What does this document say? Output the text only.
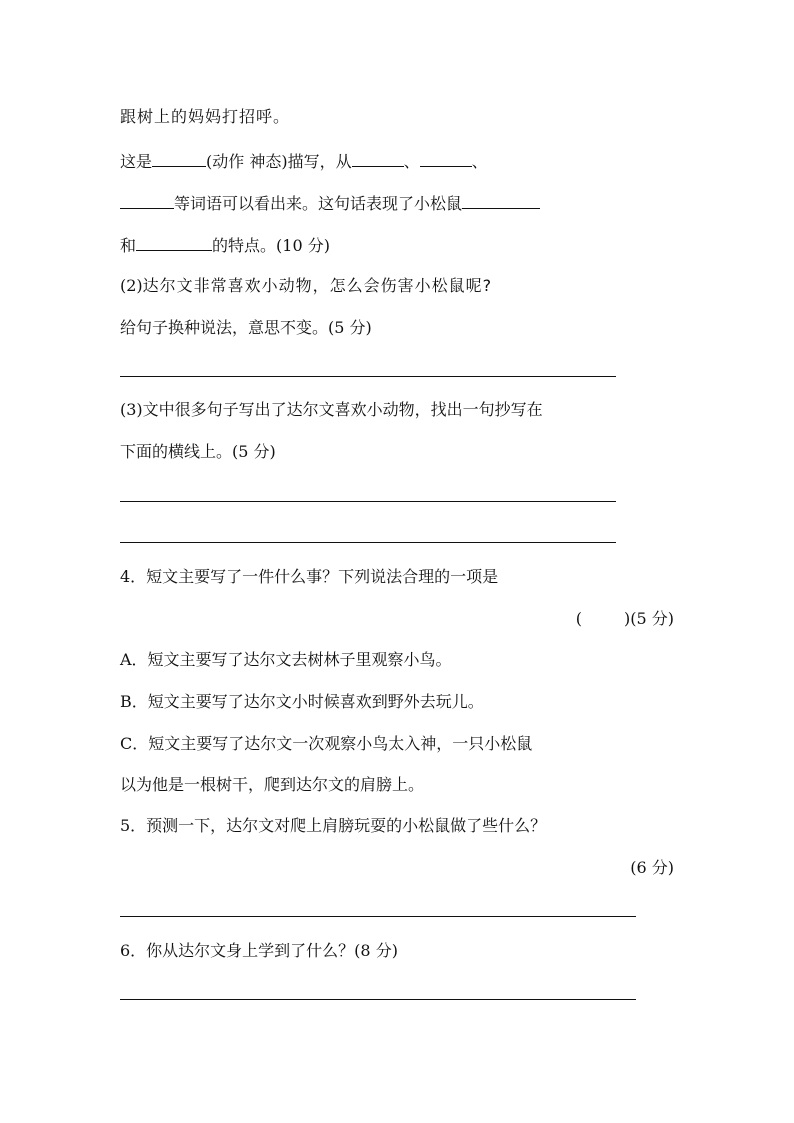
跟树上的妈妈打招呼。
这是	(动作 神态)描写，从	、	、
等词语可以看出来。这句话表现了小松鼠
和	的特点。(10 分)
(2)达尔文非常喜欢小动物，怎么会伤害小松鼠呢?
给句子换种说法，意思不变。(5 分)
(3)文中很多句子写出了达尔文喜欢小动物，找出一句抄写在
下面的横线上。(5 分)
4．短文主要写了一件什么事？下列说法合理的一项是
(	)(5 分)
A．短文主要写了达尔文去树林子里观察小鸟。
B．短文主要写了达尔文小时候喜欢到野外去玩儿。
C．短文主要写了达尔文一次观察小鸟太入神，一只小松鼠
以为他是一根树干，爬到达尔文的肩膀上。
5．预测一下，达尔文对爬上肩膀玩耍的小松鼠做了些什么？
(6 分)
6．你从达尔文身上学到了什么？(8 分)
